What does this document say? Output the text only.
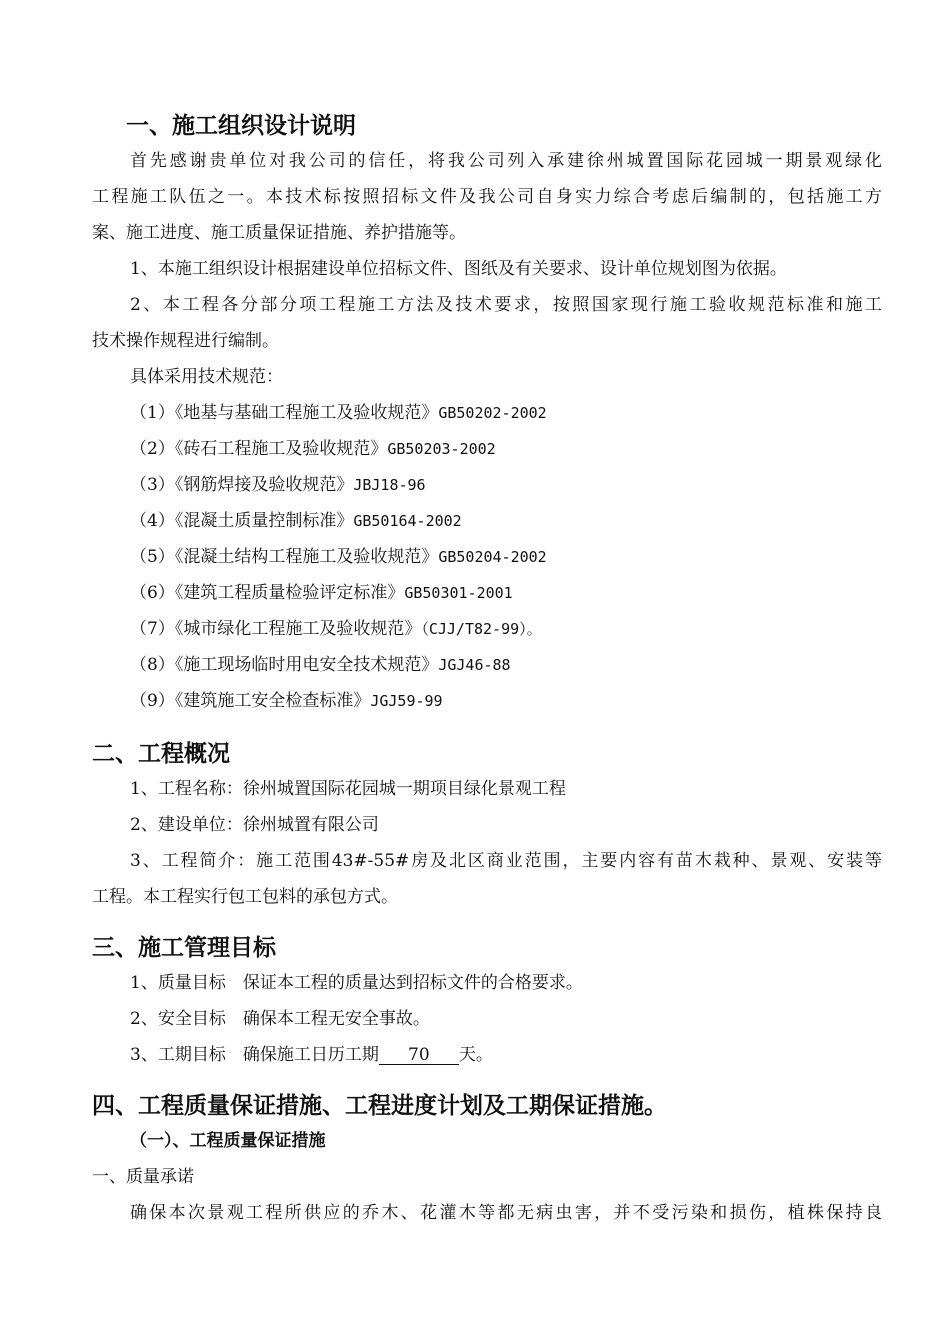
一、施工组织设计说明
首先感谢贵单位对我公司的信任，将我公司列入承建徐州城置国际花园城一期景观绿化
工程施工队伍之一。本技术标按照招标文件及我公司自身实力综合考虑后编制的，包括施工方
案、施工进度、施工质量保证措施、养护措施等。
1、本施工组织设计根据建设单位招标文件、图纸及有关要求、设计单位规划图为依据。
2、本工程各分部分项工程施工方法及技术要求，按照国家现行施工验收规范标准和施工
技术操作规程进行编制。
具体采用技术规范：
（1）《地基与基础工程施工及验收规范》GB50202-2002
（2）《砖石工程施工及验收规范》GB50203-2002
（3）《钢筋焊接及验收规范》JBJ18-96
（4）《混凝土质量控制标准》GB50164-2002
（5）《混凝土结构工程施工及验收规范》GB50204-2002
（6）《建筑工程质量检验评定标准》GB50301-2001
（7）《城市绿化工程施工及验收规范》（CJJ/T82-99）。
（8）《施工现场临时用电安全技术规范》JGJ46-88
（9）《建筑施工安全检查标准》JGJ59-99
二、工程概况
1、工程名称：徐州城置国际花园城一期项目绿化景观工程
2、建设单位：徐州城置有限公司
3、工程简介：施工范围43#-55#房及北区商业范围，主要内容有苗木栽种、景观、安装等
工程。本工程实行包工包料的承包方式。
三、施工管理目标
1、质量目标　保证本工程的质量达到招标文件的合格要求。
2、安全目标　确保本工程无安全事故。
3、工期目标　确保施工日历工期 70 天。
四、工程质量保证措施、工程进度计划及工期保证措施。
（一）、工程质量保证措施
一、质量承诺
确保本次景观工程所供应的乔木、花灌木等都无病虫害，并不受污染和损伤，植株保持良
